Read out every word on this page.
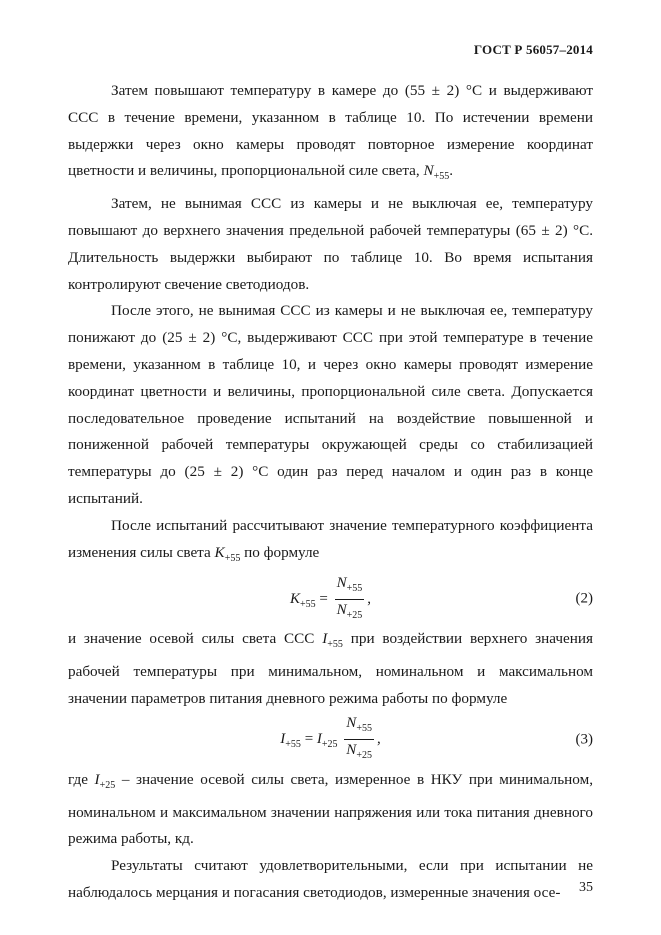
ГОСТ Р 56057–2014

Затем повышают температуру в камере до (55 ± 2) °С и выдерживают ССС в течение времени, указанном в таблице 10. По истечении времени выдержки через окно камеры проводят повторное измерение координат цветности и величины, пропорциональной силе света, $N_{+55}$.

Затем, не вынимая ССС из камеры и не выключая ее, температуру повышают до верхнего значения предельной рабочей температуры (65 ± 2) °С. Длительность выдержки выбирают по таблице 10. Во время испытания контролируют свечение светодиодов.

После этого, не вынимая ССС из камеры и не выключая ее, температуру понижают до (25 ± 2) °С, выдерживают ССС при этой температуре в течение времени, указанном в таблице 10, и через окно камеры проводят измерение координат цветности и величины, пропорциональной силе света. Допускается последовательное проведение испытаний на воздействие повышенной и пониженной рабочей температуры окружающей среды со стабилизацией температуры до (25 ± 2) °С один раз перед началом и один раз в конце испытаний.

После испытаний рассчитывают значение температурного коэффициента изменения силы света $K_{+55}$ по формуле

$K_{+55} = \frac{N_{+55}}{N_{+25}}$ ,	(2)

и значение осевой силы света ССС $I_{+55}$ при воздействии верхнего значения рабочей температуры при минимальном, номинальном и максимальном значении параметров питания дневного режима работы по формуле

$I_{+55} = I_{+25} \frac{N_{+55}}{N_{+25}}$ ,	(3)

где $I_{+25}$ – значение осевой силы света, измеренное в НКУ при минимальном, номинальном и максимальном значении напряжения или тока питания дневного режима работы, кд.

Результаты считают удовлетворительными, если при испытании не наблюдалось мерцания и погасания светодиодов, измеренные значения осе-	35
